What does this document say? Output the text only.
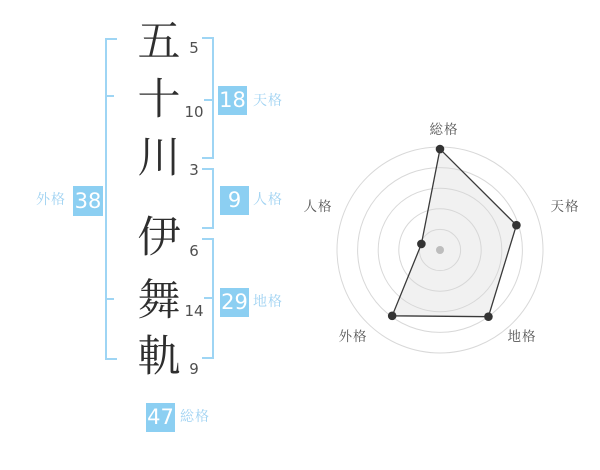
五
十
川
伊
舞
軌
5
10
3
6
14
9
38
外格
18 天格
9 人格
29 地格
47 総格
総格
天格
地格
外格
人格
